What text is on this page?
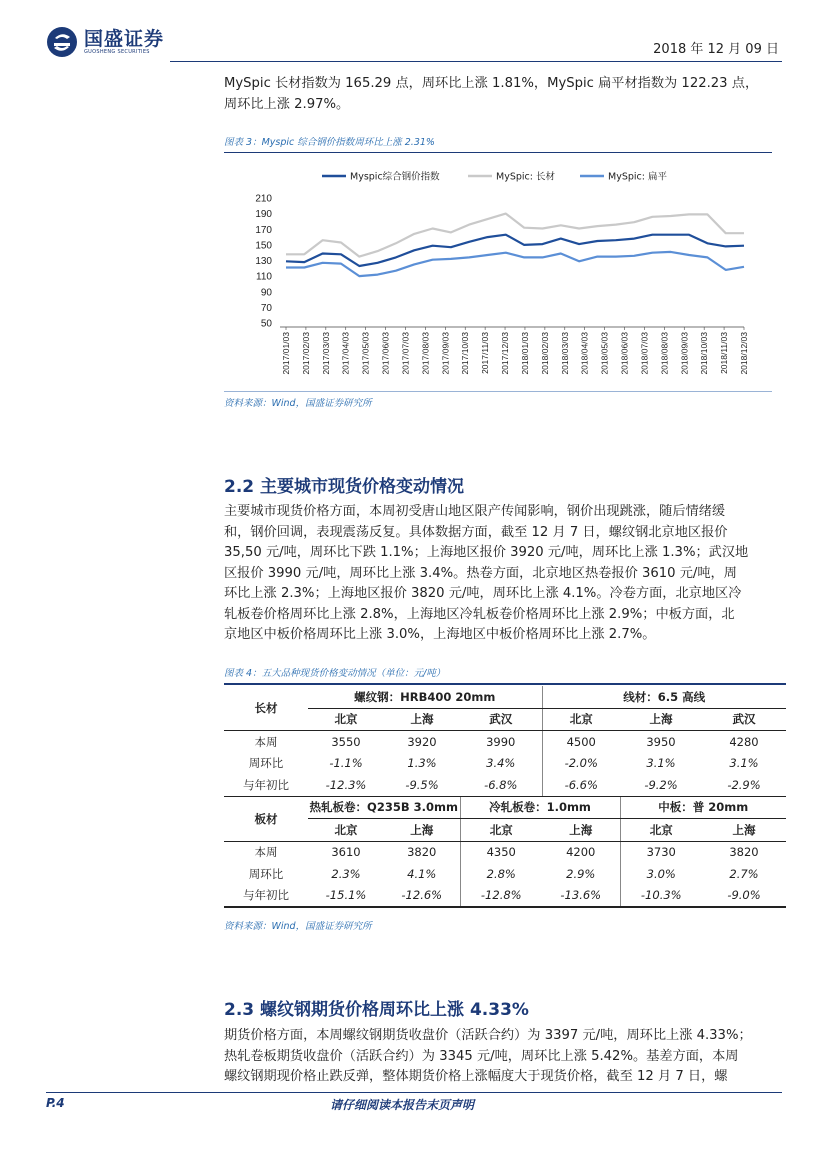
国盛证券
GUOSHENG SECURITIES	2018 年 12 月 09 日
MySpic 长材指数为 165.29 点，周环比上涨 1.81%，MySpic 扁平材指数为 122.23 点，
周环比上涨 2.97%。
图表 3：Myspic 综合钢价指数周环比上涨 2.31%
Myspic综合钢价指数	MySpic: 长材	MySpic: 扁平
50
70
90
110
130
150
170
190
210
2017/01/03 2017/02/03 2017/03/03 2017/04/03 2017/05/03 2017/06/03 2017/07/03 2017/08/03 2017/09/03 2017/10/03 2017/11/03 2017/12/03 2018/01/03 2018/02/03 2018/03/03 2018/04/03 2018/05/03 2018/06/03 2018/07/03 2018/08/03 2018/09/03 2018/10/03 2018/11/03 2018/12/03
资料来源：Wind，国盛证券研究所
2.2 主要城市现货价格变动情况
主要城市现货价格方面，本周初受唐山地区限产传闻影响，钢价出现跳涨，随后情绪缓
和，钢价回调，表现震荡反复。具体数据方面，截至 12 月 7 日，螺纹钢北京地区报价
35,50 元/吨，周环比下跌 1.1%；上海地区报价 3920 元/吨，周环比上涨 1.3%；武汉地
区报价 3990 元/吨，周环比上涨 3.4%。热卷方面，北京地区热卷报价 3610 元/吨，周
环比上涨 2.3%；上海地区报价 3820 元/吨，周环比上涨 4.1%。冷卷方面，北京地区冷
轧板卷价格周环比上涨 2.8%，上海地区冷轧板卷价格周环比上涨 2.9%；中板方面，北
京地区中板价格周环比上涨 3.0%，上海地区中板价格周环比上涨 2.7%。
图表 4：五大品种现货价格变动情况（单位：元/吨）
长材	螺纹钢：HRB400 20mm			线材：6.5 高线		
	北京	上海	武汉	北京	上海	武汉
本周	3550	3920	3990	4500	3950	4280
周环比	-1.1%	1.3%	3.4%	-2.0%	3.1%	3.1%
与年初比	-12.3%	-9.5%	-6.8%	-6.6%	-9.2%	-2.9%
板材	热轧板卷：Q235B 3.0mm		冷轧板卷：1.0mm		中板：普 20mm	
	北京	上海	北京	上海	北京	上海
本周	3610	3820	4350	4200	3730	3820
周环比	2.3%	4.1%	2.8%	2.9%	3.0%	2.7%
与年初比	-15.1%	-12.6%	-12.8%	-13.6%	-10.3%	-9.0%
资料来源：Wind，国盛证券研究所
2.3 螺纹钢期货价格周环比上涨 4.33%
期货价格方面，本周螺纹钢期货收盘价（活跃合约）为 3397 元/吨，周环比上涨 4.33%；
热轧卷板期货收盘价（活跃合约）为 3345 元/吨，周环比上涨 5.42%。基差方面，本周
螺纹钢期现价格止跌反弹，整体期货价格上涨幅度大于现货价格，截至 12 月 7 日，螺
P.4	请仔细阅读本报告末页声明
